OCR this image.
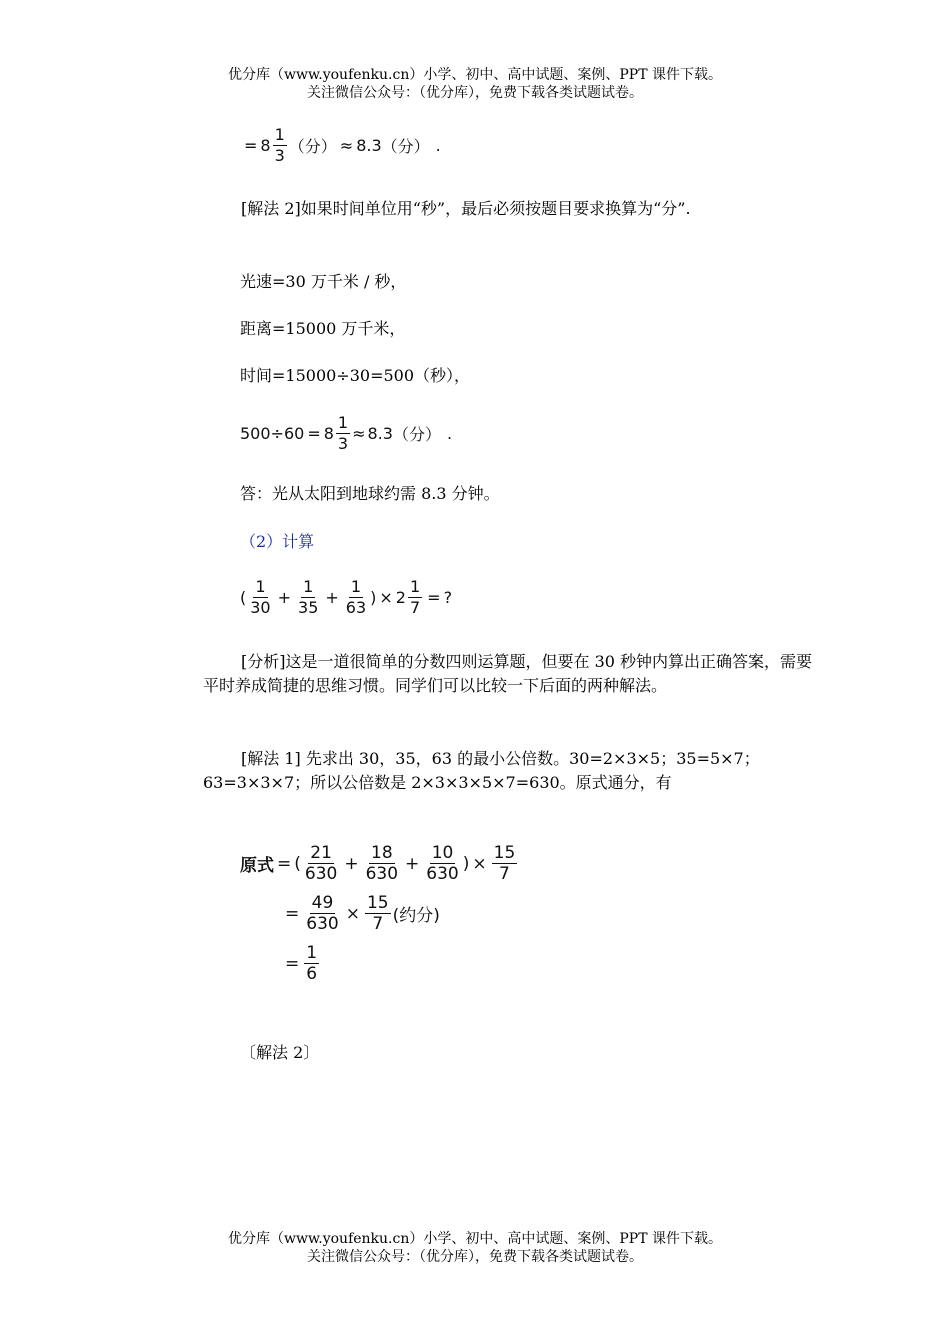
优分库（www.youfenku.cn）小学、初中、高中试题、案例、PPT 课件下载。
关注微信公众号：（优分库），免费下载各类试题试卷。
= $8 \frac{1}{3}$ （分） ≈ 8.3 （分） .
[解法 2]如果时间单位用“秒”，最后必须按题目要求换算为“分”.
光速=30 万千米 / 秒，
距离=15000 万千米，
时间=15000÷30=500（秒），
$500\div 60 = 8 \frac{1}{3} \approx 8.3$ （分） .
答：光从太阳到地球约需 8.3 分钟。
（2）计算
( $\frac{1}{30} + \frac{1}{35} + \frac{1}{63}$ ) × $2 \frac{1}{7}$ = ?
[分析]这是一道很简单的分数四则运算题，但要在 30 秒钟内算出正确答案，需要平时养成简捷的思维习惯。同学们可以比较一下后面的两种解法。
[解法 1] 先求出 30，35，63 的最小公倍数。30=2×3×5；35=5×7；63=3×3×7；所以公倍数是 2×3×3×5×7=630。原式通分，有
原式 = ( $\frac{21}{630} + \frac{18}{630} + \frac{10}{630}$ ) × $\frac{15}{7}$
= $\frac{49}{630} \times \frac{15}{7}$ (约分)
= $\frac{1}{6}$
〔解法 2〕
优分库（www.youfenku.cn）小学、初中、高中试题、案例、PPT 课件下载。
关注微信公众号：（优分库），免费下载各类试题试卷。
